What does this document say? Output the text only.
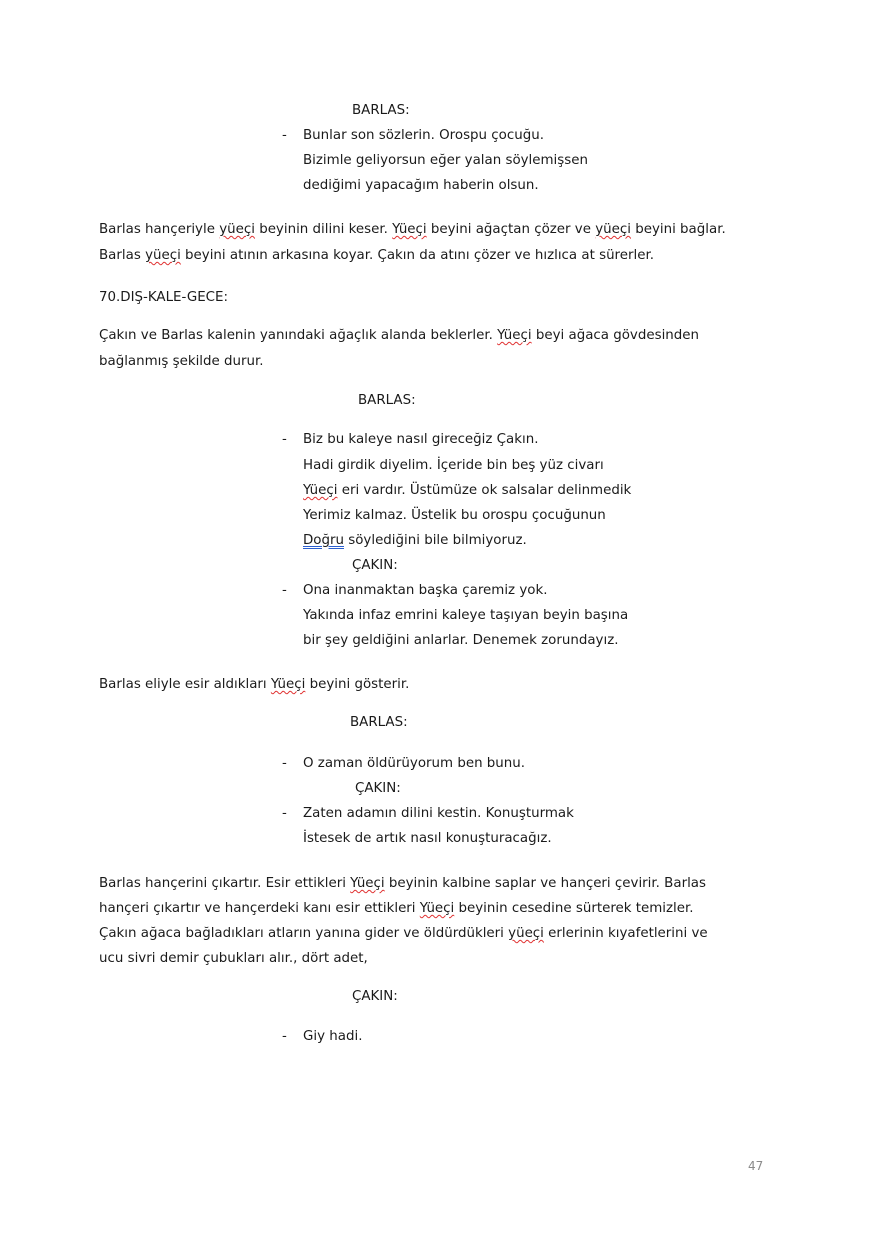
BARLAS:
- Bunlar son sözlerin. Orospu çocuğu.
Bizimle geliyorsun eğer yalan söylemişsen
dediğimi yapacağım haberin olsun.
Barlas hançeriyle yüeçi beyinin dilini keser. Yüeçi beyini ağaçtan çözer ve yüeçi beyini bağlar.
Barlas yüeçi beyini atının arkasına koyar. Çakın da atını çözer ve hızlıca at sürerler.
70.DIŞ-KALE-GECE:
Çakın ve Barlas kalenin yanındaki ağaçlık alanda beklerler. Yüeçi beyi ağaca gövdesinden
bağlanmış şekilde durur.
BARLAS:
- Biz bu kaleye nasıl gireceğiz Çakın.
Hadi girdik diyelim. İçeride bin beş yüz civarı
Yüeçi eri vardır. Üstümüze ok salsalar delinmedik
Yerimiz kalmaz. Üstelik bu orospu çocuğunun
Doğru söylediğini bile bilmiyoruz.
ÇAKIN:
- Ona inanmaktan başka çaremiz yok.
Yakında infaz emrini kaleye taşıyan beyin başına
bir şey geldiğini anlarlar. Denemek zorundayız.
Barlas eliyle esir aldıkları Yüeçi beyini gösterir.
BARLAS:
- O zaman öldürüyorum ben bunu.
ÇAKIN:
- Zaten adamın dilini kestin. Konuşturmak
İstesek de artık nasıl konuşturacağız.
Barlas hançerini çıkartır. Esir ettikleri Yüeçi beyinin kalbine saplar ve hançeri çevirir. Barlas
hançeri çıkartır ve hançerdeki kanı esir ettikleri Yüeçi beyinin cesedine sürterek temizler.
Çakın ağaca bağladıkları atların yanına gider ve öldürdükleri yüeçi erlerinin kıyafetlerini ve
ucu sivri demir çubukları alır., dört adet,
ÇAKIN:
- Giy hadi.
47
